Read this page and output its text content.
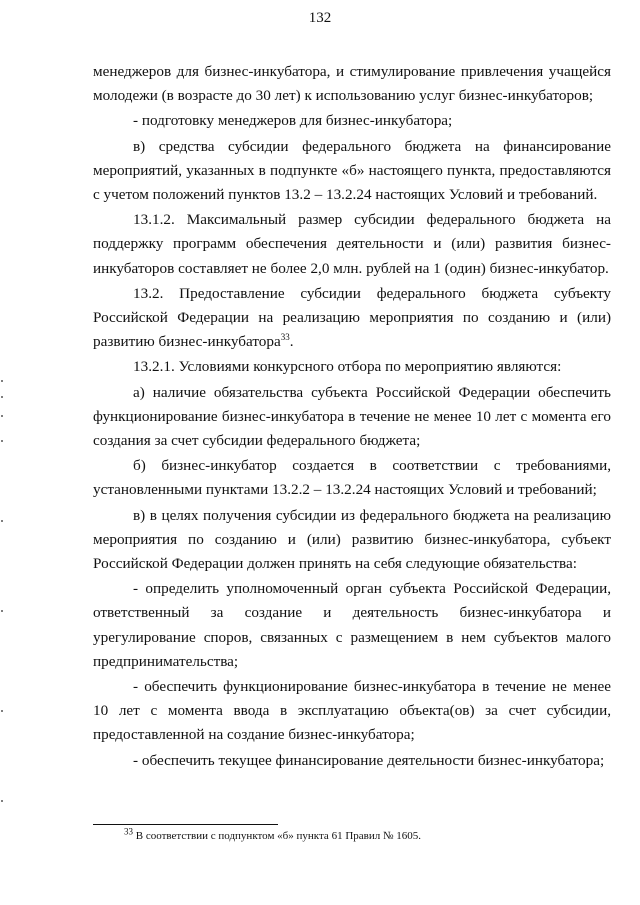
132

менеджеров для бизнес-инкубатора, и стимулирование привлечения учащейся молодежи (в возрасте до 30 лет) к использованию услуг бизнес-инкубаторов;

- подготовку менеджеров для бизнес-инкубатора;

в) средства субсидии федерального бюджета на финансирование мероприятий, указанных в подпункте «б» настоящего пункта, предоставляются с учетом положений пунктов 13.2 – 13.2.24 настоящих Условий и требований.

13.1.2. Максимальный размер субсидии федерального бюджета на поддержку программ обеспечения деятельности и (или) развития бизнес-инкубаторов составляет не более 2,0 млн. рублей на 1 (один) бизнес-инкубатор.

13.2. Предоставление субсидии федерального бюджета субъекту Российской Федерации на реализацию мероприятия по созданию и (или) развитию бизнес-инкубатора$^{33}$.

13.2.1. Условиями конкурсного отбора по мероприятию являются:

а) наличие обязательства субъекта Российской Федерации обеспечить функционирование бизнес-инкубатора в течение не менее 10 лет с момента его создания за счет субсидии федерального бюджета;

б) бизнес-инкубатор создается в соответствии с требованиями, установленными пунктами 13.2.2 – 13.2.24 настоящих Условий и требований;

в) в целях получения субсидии из федерального бюджета на реализацию мероприятия по созданию и (или) развитию бизнес-инкубатора, субъект Российской Федерации должен принять на себя следующие обязательства:

- определить уполномоченный орган субъекта Российской Федерации, ответственный за создание и деятельность бизнес-инкубатора и урегулирование споров, связанных с размещением в нем субъектов малого предпринимательства;

- обеспечить функционирование бизнес-инкубатора в течение не менее 10 лет с момента ввода в эксплуатацию объекта(ов) за счет субсидии, предоставленной на создание бизнес-инкубатора;

- обеспечить текущее финансирование деятельности бизнес-инкубатора;

$^{33}$ В соответствии с подпунктом «б» пункта 61 Правил № 1605.
